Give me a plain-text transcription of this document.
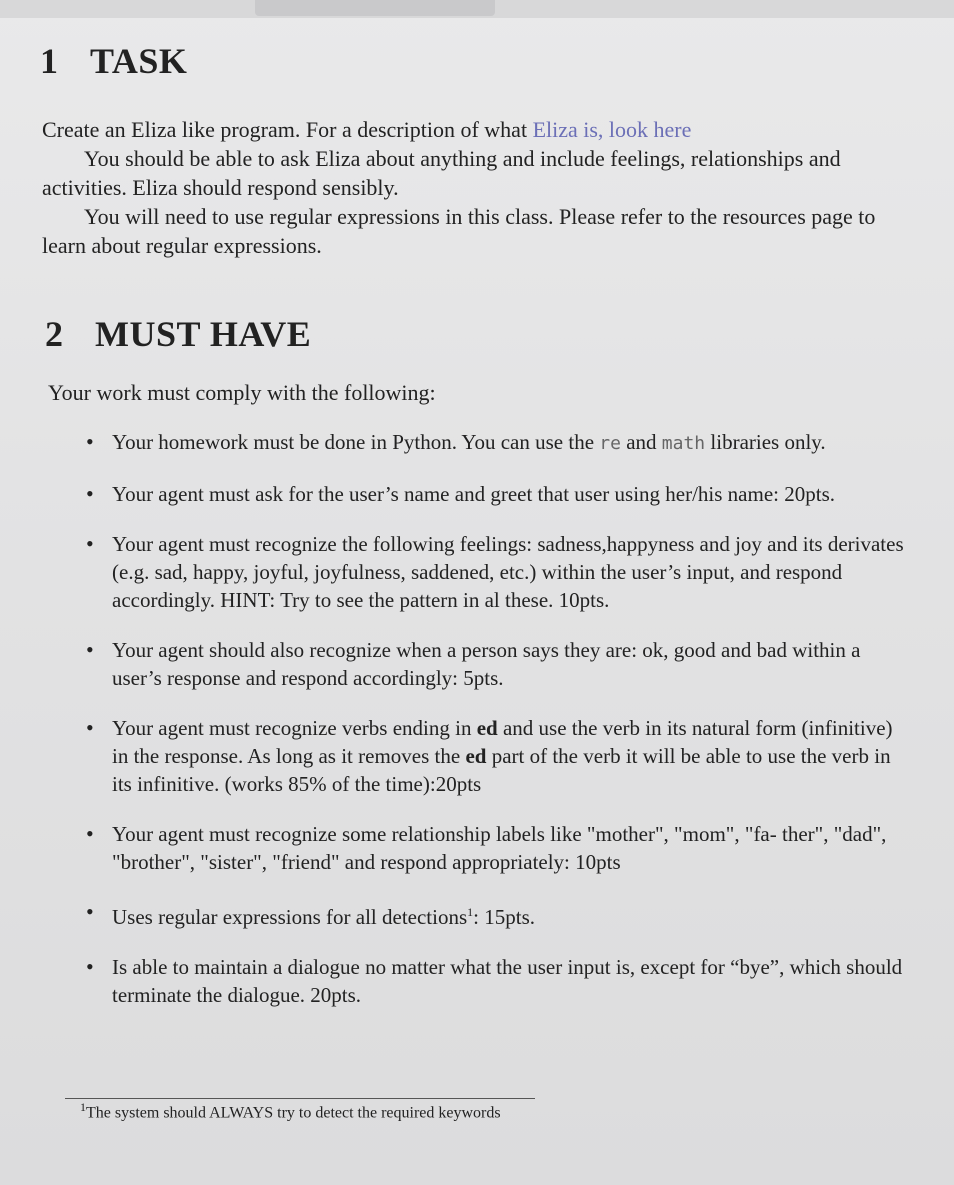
1 TASK

Create an Eliza like program. For a description of what Eliza is, look here

You should be able to ask Eliza about anything and include feelings, relationships and activities. Eliza should respond sensibly.

You will need to use regular expressions in this class. Please refer to the resources page to learn about regular expressions.

2 MUST HAVE
Your work must comply with the following:
• Your homework must be done in Python. You can use the re and math libraries only.
• Your agent must ask for the user’s name and greet that user using her/his name: 20pts.
• Your agent must recognize the following feelings: sadness,happyness and joy and its derivates (e.g. sad, happy, joyful, joyfulness, saddened, etc.) within the user’s input, and respond accordingly. HINT: Try to see the pattern in al these. 10pts.
• Your agent should also recognize when a person says they are: ok, good and bad within a user’s response and respond accordingly: 5pts.
• Your agent must recognize verbs ending in ed and use the verb in its natural form (infinitive) in the response. As long as it removes the ed part of the verb it will be able to use the verb in its infinitive. (works 85% of the time):20pts
• Your agent must recognize some relationship labels like "mother", "mom", "fa- ther", "dad", "brother", "sister", "friend" and respond appropriately: 10pts
• Uses regular expressions for all detections$^1$: 15pts.
• Is able to maintain a dialogue no matter what the user input is, except for “bye”, which should terminate the dialogue. 20pts.
$^1$The system should ALWAYS try to detect the required keywords
